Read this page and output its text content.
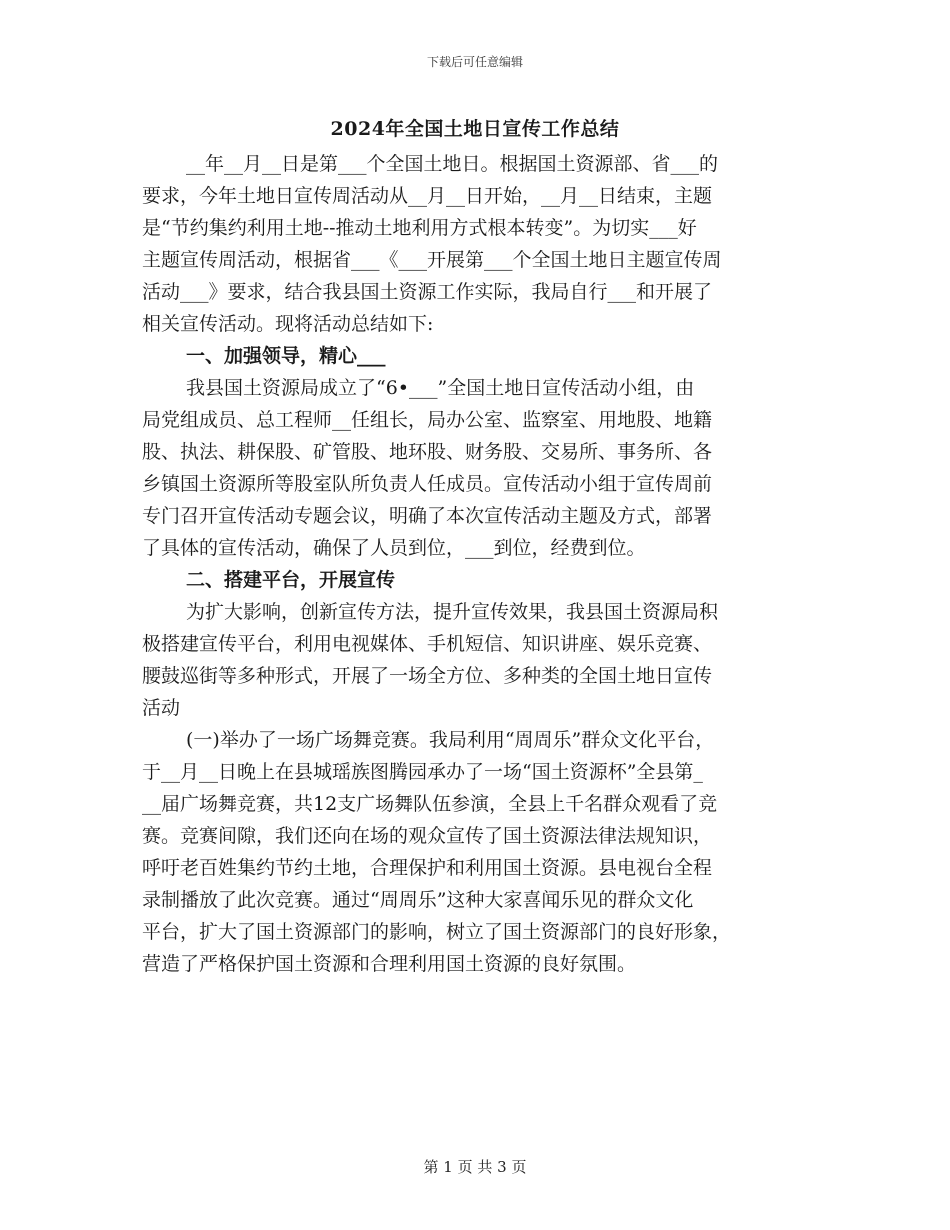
下载后可任意编辑
2024年全国土地日宣传工作总结
__年__月__日是第___个全国土地日。根据国土资源部、省___的
要求，今年土地日宣传周活动从__月__日开始，__月__日结束，主题
是“节约集约利用土地--推动土地利用方式根本转变”。为切实___好
主题宣传周活动，根据省___《___开展第___个全国土地日主题宣传周
活动___》要求，结合我县国土资源工作实际，我局自行___和开展了
相关宣传活动。现将活动总结如下:
一、加强领导，精心___
我县国土资源局成立了“6•___”全国土地日宣传活动小组，由
局党组成员、总工程师__任组长，局办公室、监察室、用地股、地籍
股、执法、耕保股、矿管股、地环股、财务股、交易所、事务所、各
乡镇国土资源所等股室队所负责人任成员。宣传活动小组于宣传周前
专门召开宣传活动专题会议，明确了本次宣传活动主题及方式，部署
了具体的宣传活动，确保了人员到位，___到位，经费到位。
二、搭建平台，开展宣传
为扩大影响，创新宣传方法，提升宣传效果，我县国土资源局积
极搭建宣传平台，利用电视媒体、手机短信、知识讲座、娱乐竞赛、
腰鼓巡街等多种形式，开展了一场全方位、多种类的全国土地日宣传
活动
(一)举办了一场广场舞竞赛。我局利用“周周乐”群众文化平台，
于__月__日晚上在县城瑶族图腾园承办了一场“国土资源杯”全县第_
__届广场舞竞赛，共12支广场舞队伍参演，全县上千名群众观看了竞
赛。竞赛间隙，我们还向在场的观众宣传了国土资源法律法规知识，
呼吁老百姓集约节约土地，合理保护和利用国土资源。县电视台全程
录制播放了此次竞赛。通过“周周乐”这种大家喜闻乐见的群众文化
平台，扩大了国土资源部门的影响，树立了国土资源部门的良好形象，
营造了严格保护国土资源和合理利用国土资源的良好氛围。
第 1 页 共 3 页
